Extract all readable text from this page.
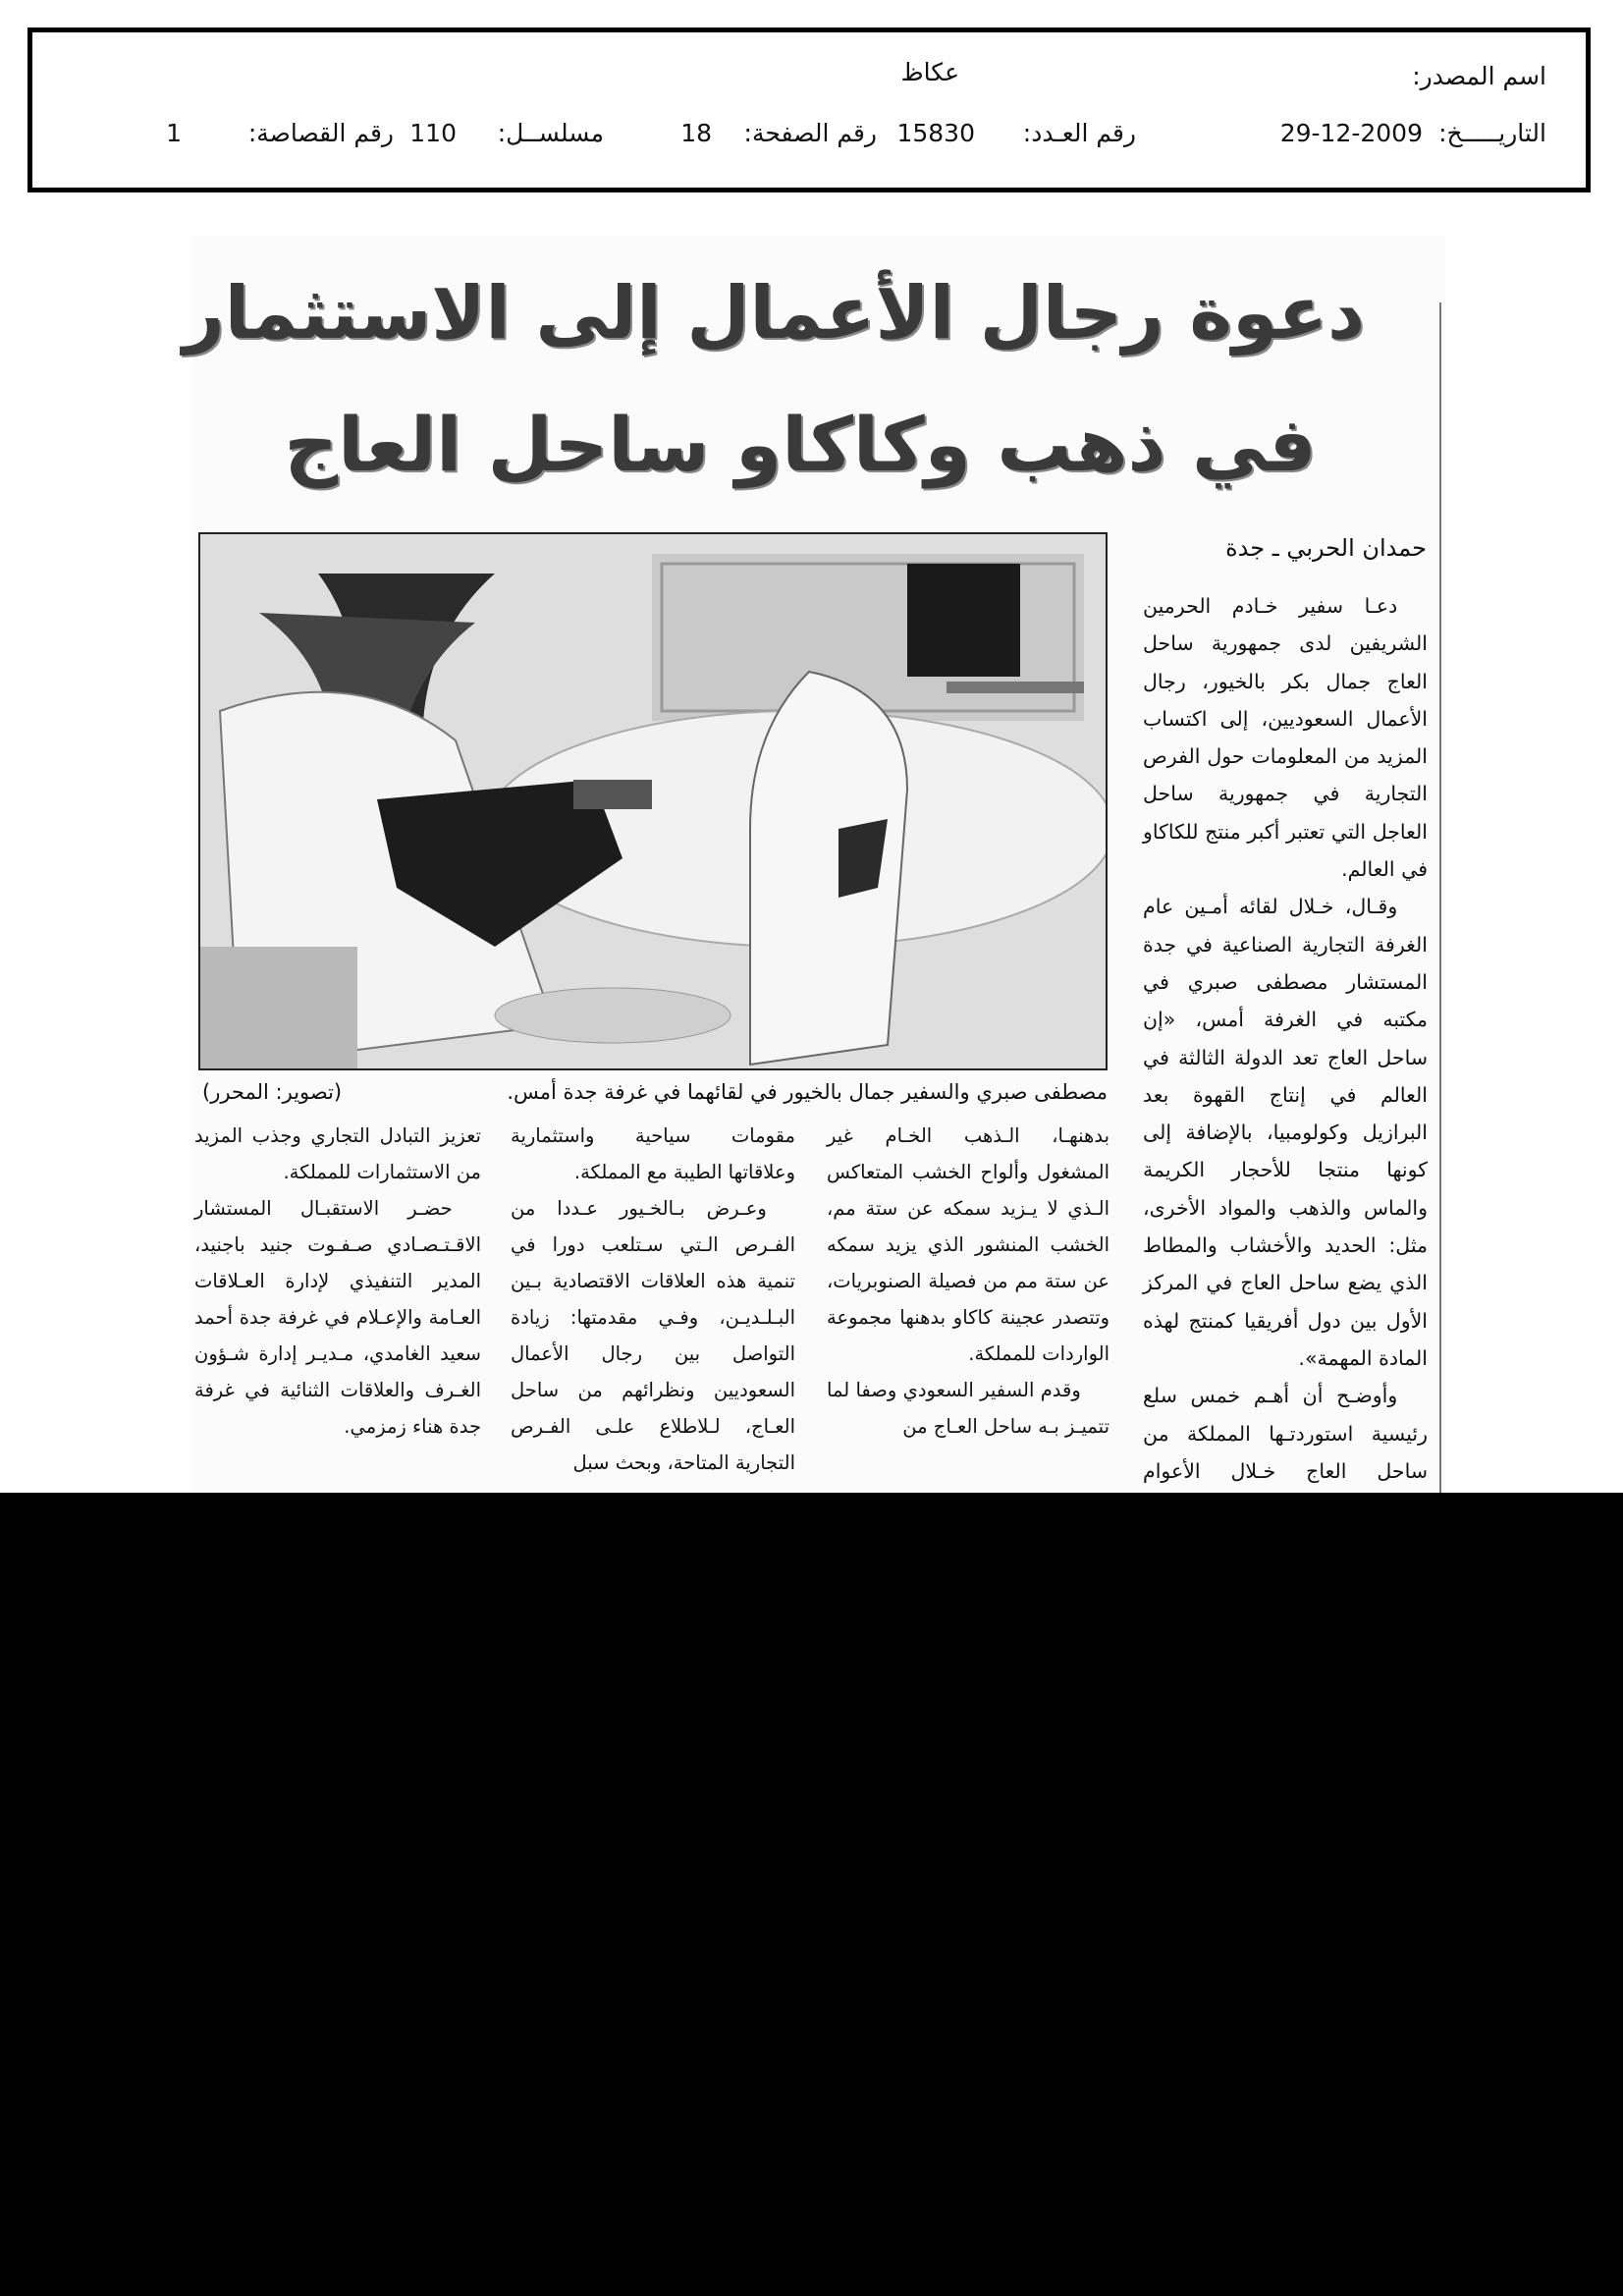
اسم المصدر:
عكاظ
التاريـــــخ:
29-12-2009
رقم العـدد:
15830
رقم الصفحة:
18
مسلســل:
110
رقم القصاصة:
1
دعوة رجال الأعمال إلى الاستثمار
في ذهب وكاكاو ساحل العاج
حمدان الحربي ـ جدة
مصطفى صبري والسفير جمال بالخيور في لقائهما في غرفة جدة أمس.
(تصوير: المحرر)

دعـا سفير خـادم الحرمين الشريفين لدى جمهورية ساحل العاج جمال بكر بالخيور، رجال الأعمال السعوديين، إلى اكتساب المزيد من المعلومات حول الفرص التجارية في جمهورية ساحل العاجل التي تعتبر أكبر منتج للكاكاو في العالم.

وقـال، خـلال لقائه أمـين عام الغرفة التجارية الصناعية في جدة المستشار مصطفى صبري في مكتبه في الغرفة أمس، «إن ساحل العاج تعد الدولة الثالثة في العالم في إنتاج القهوة بعد البرازيل وكولومبيا، بالإضافة إلى كونها منتجا للأحجار الكريمة والماس والذهب والمواد الأخرى، مثل: الحديد والأخشاب والمطاط الذي يضع ساحل العاج في المركز الأول بين دول أفريقيا كمنتج لهذه المادة المهمة».

وأوضـح أن أهـم خمس سلع رئيسية استوردتـها المملكة من ساحل العاج خـلال الأعوام

بدهنهـا، الـذهب الخـام غير المشغول وألواح الخشب المتعاكس الـذي لا يـزيد سمكه عن ستة مم، الخشب المنشور الذي يزيد سمكه عن ستة مم من فصيلة الصنوبريات، وتتصدر عجينة كاكاو بدهنها مجموعة الواردات للمملكة.

وقدم السفير السعودي وصفا لما تتميـز بـه ساحل العـاج من

مقومات سياحية واستثمارية وعلاقاتها الطيبة مع المملكة.

وعـرض بـالخـيور عـددا من الفـرص الـتي سـتلعب دورا في تنمية هذه العلاقات الاقتصادية بـين البـلـديـن، وفـي مقدمتها: زيادة التواصل بين رجال الأعمال السعوديين ونظرائهم من ساحل العـاج، لـلاطلاع علـى الفـرص التجارية المتاحة، وبحث سبل

تعزيز التبادل التجاري وجذب المزيد من الاستثمارات للمملكة.

حضـر الاستقبـال المستشار الاقـتـصـادي صـفـوت جنيد باجنيد، المدير التنفيذي لإدارة العـلاقات العـامة والإعـلام في غرفة جدة أحمد سعيد الغامدي، مـديـر إدارة شـؤون الغـرف والعلاقات الثنائية في غرفة جدة هناء زمزمي.
